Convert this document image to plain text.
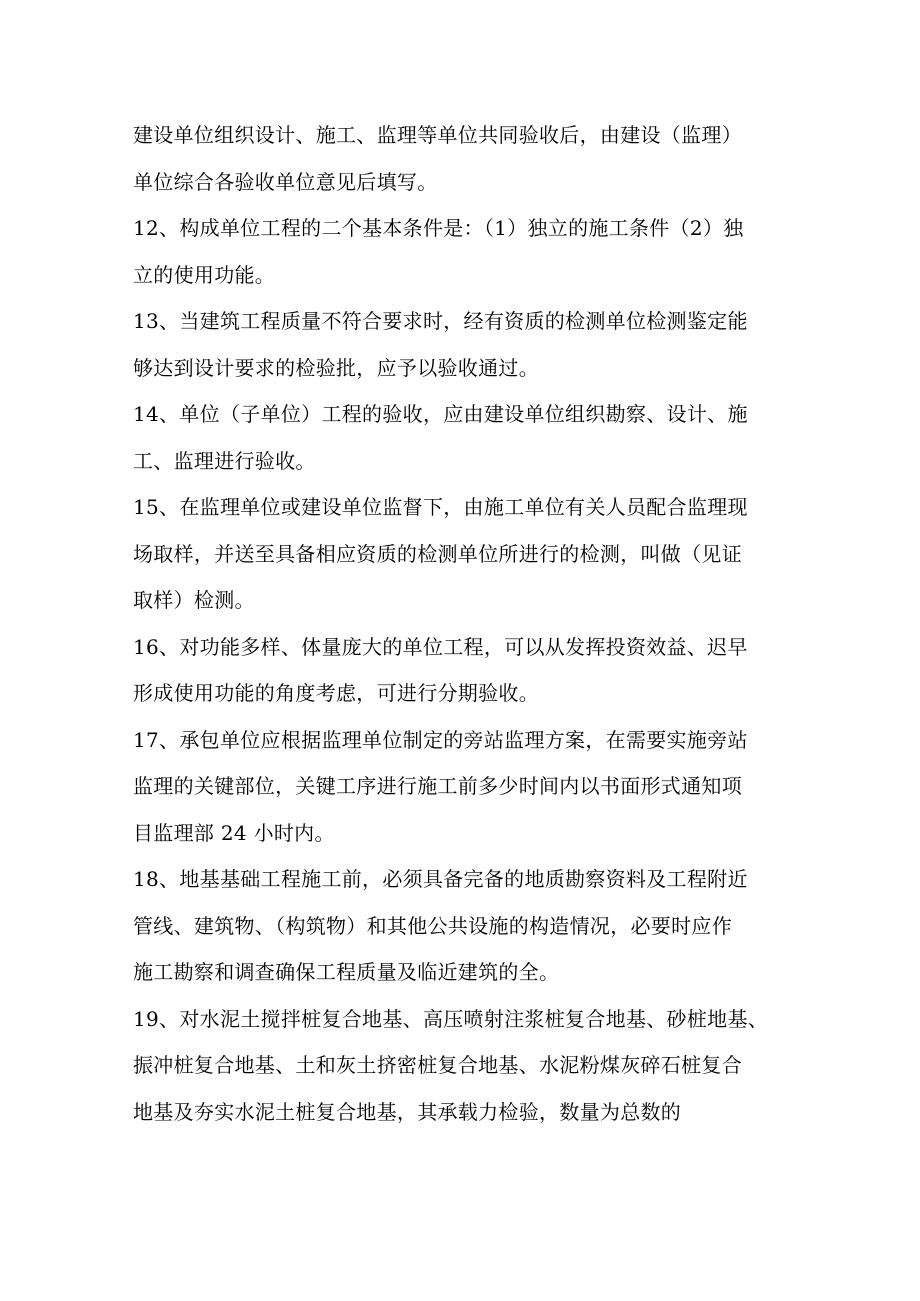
建设单位组织设计、施工、监理等单位共同验收后，由建设（监理）
单位综合各验收单位意见后填写。
12、构成单位工程的二个基本条件是：（1）独立的施工条件（2）独
立的使用功能。
13、当建筑工程质量不符合要求时，经有资质的检测单位检测鉴定能
够达到设计要求的检验批，应予以验收通过。
14、单位（子单位）工程的验收，应由建设单位组织勘察、设计、施
工、监理进行验收。
15、在监理单位或建设单位监督下，由施工单位有关人员配合监理现
场取样，并送至具备相应资质的检测单位所进行的检测，叫做（见证
取样）检测。
16、对功能多样、体量庞大的单位工程，可以从发挥投资效益、迟早
形成使用功能的角度考虑，可进行分期验收。
17、承包单位应根据监理单位制定的旁站监理方案，在需要实施旁站
监理的关键部位，关键工序进行施工前多少时间内以书面形式通知项
目监理部 24 小时内。
18、地基基础工程施工前，必须具备完备的地质勘察资料及工程附近
管线、建筑物、（构筑物）和其他公共设施的构造情况，必要时应作
施工勘察和调查确保工程质量及临近建筑的全。
19、对水泥土搅拌桩复合地基、高压喷射注浆桩复合地基、砂桩地基、
振冲桩复合地基、土和灰土挤密桩复合地基、水泥粉煤灰碎石桩复合
地基及夯实水泥土桩复合地基，其承载力检验，数量为总数的
